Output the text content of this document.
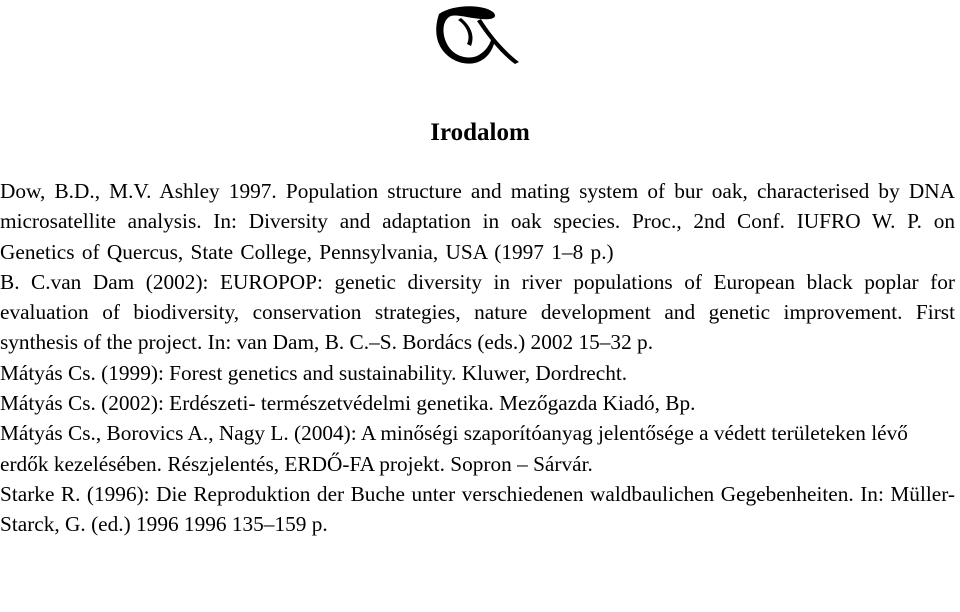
Irodalom

Dow, B.D., M.V. Ashley 1997. Population structure and mating system of bur oak, characterised by DNA microsatellite analysis. In: Diversity and adaptation in oak species. Proc., 2nd Conf. IUFRO W. P. on Genetics of Quercus, State College, Pennsylvania, USA (1997 1–8 p.)

B. C.van Dam (2002): EUROPOP: genetic diversity in river populations of European black poplar for evaluation of biodiversity, conservation strategies, nature development and genetic improvement. First synthesis of the project. In: van Dam, B. C.–S. Bordács (eds.) 2002 15–32 p.

Mátyás Cs. (1999): Forest genetics and sustainability. Kluwer, Dordrecht.

Mátyás Cs. (2002): Erdészeti- természetvédelmi genetika. Mezőgazda Kiadó, Bp.

Mátyás Cs., Borovics A., Nagy L. (2004): A minőségi szaporítóanyag jelentősége a védett területeken lévő erdők kezelésében. Részjelentés, ERDŐ-FA projekt. Sopron – Sárvár.

Starke R. (1996): Die Reproduktion der Buche unter verschiedenen waldbaulichen Gegebenheiten. In: Müller-Starck, G. (ed.) 1996 1996 135–159 p.
